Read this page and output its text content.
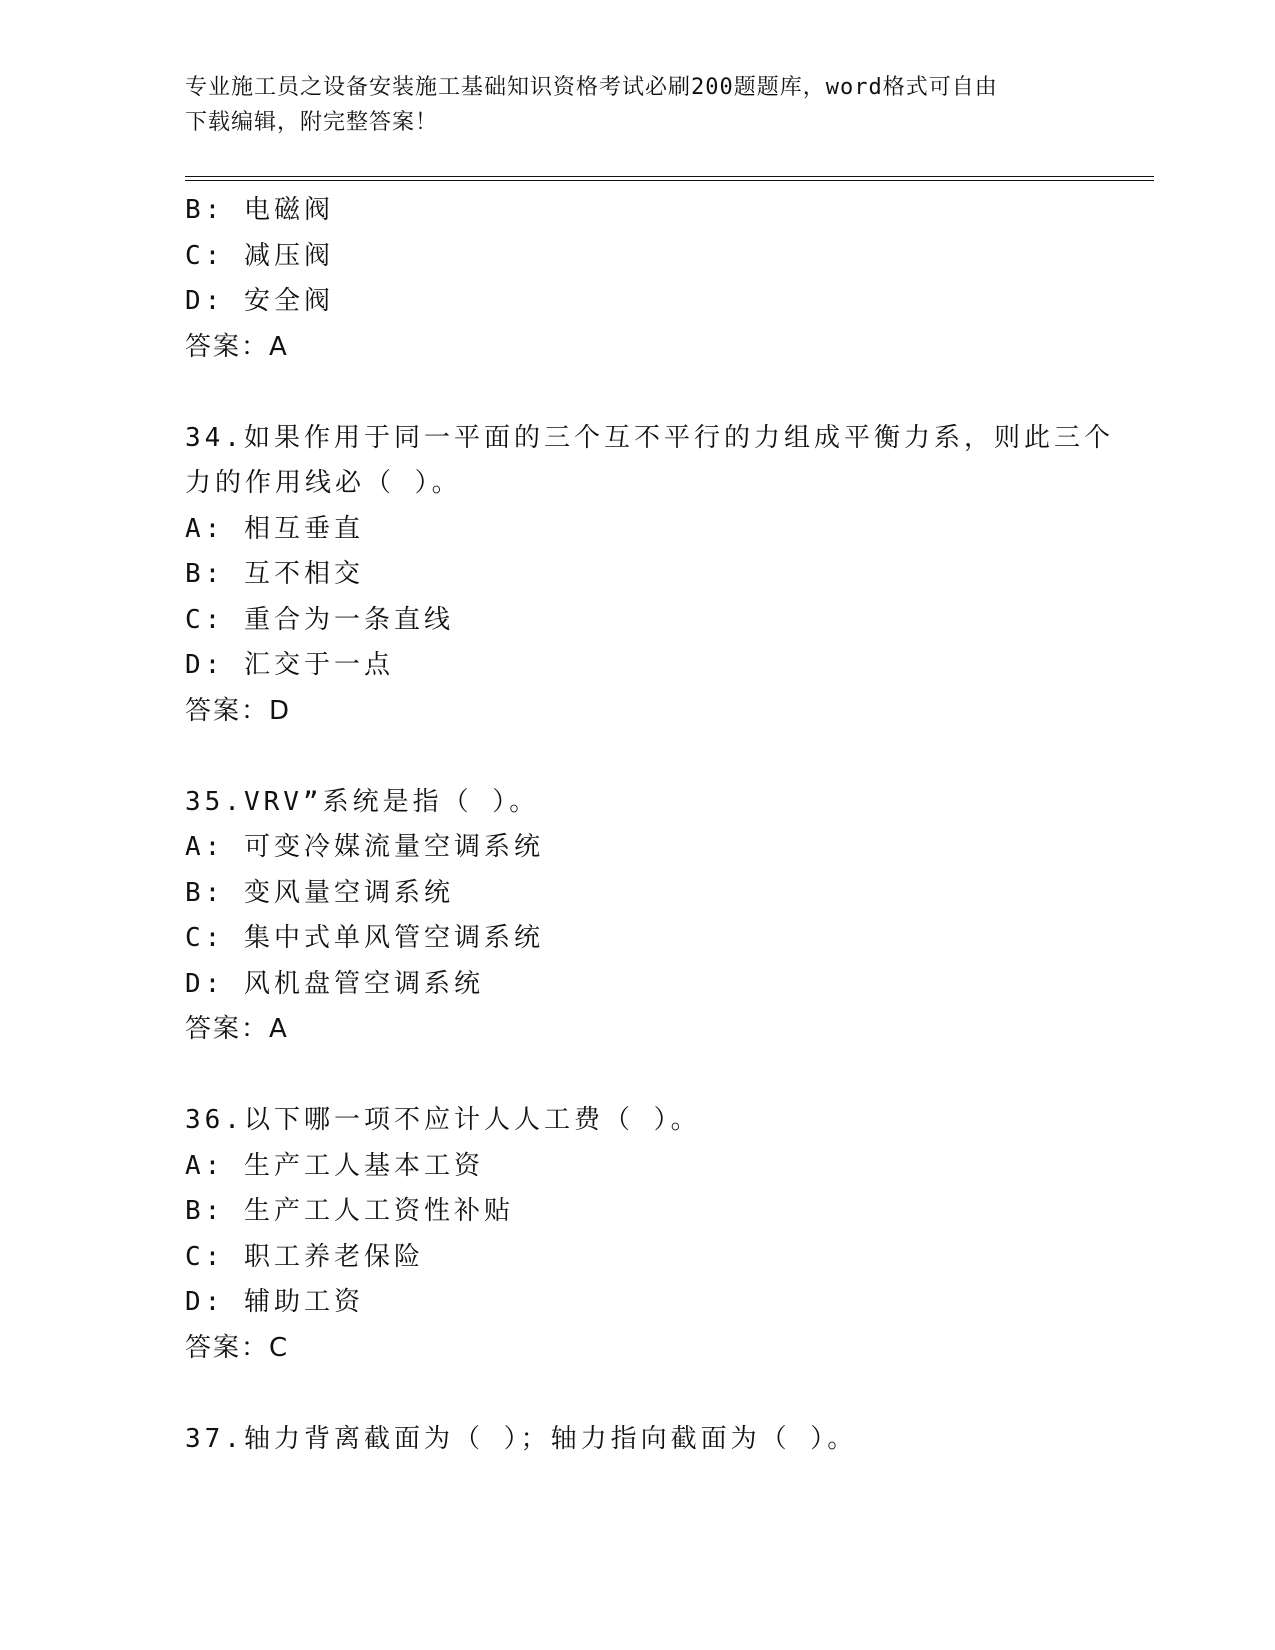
专业施工员之设备安装施工基础知识资格考试必刷200题题库，word格式可自由
下载编辑，附完整答案！
B: 电磁阀
C: 减压阀
D: 安全阀
答案：A
34.如果作用于同一平面的三个互不平行的力组成平衡力系，则此三个
力的作用线必（ ）。
A: 相互垂直
B: 互不相交
C: 重合为一条直线
D: 汇交于一点
答案：D
35.VRV”系统是指（ ）。
A: 可变冷媒流量空调系统
B: 变风量空调系统
C: 集中式单风管空调系统
D: 风机盘管空调系统
答案：A
36.以下哪一项不应计人人工费（ ）。
A: 生产工人基本工资
B: 生产工人工资性补贴
C: 职工养老保险
D: 辅助工资
答案：C
37.轴力背离截面为（ ）；轴力指向截面为（ ）。
